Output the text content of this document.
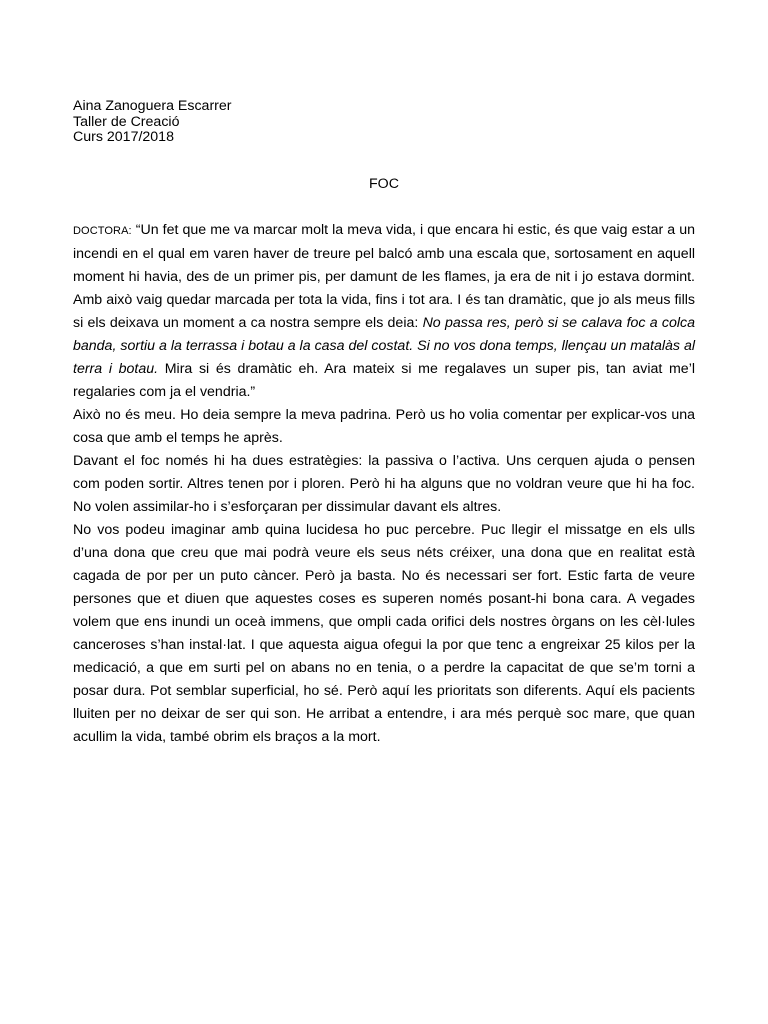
Aina Zanoguera Escarrer
Taller de Creació
Curs 2017/2018
FOC

DOCTORA: “Un fet que me va marcar molt la meva vida, i que encara hi estic, és que vaig estar a un incendi en el qual em varen haver de treure pel balcó amb una escala que, sortosament en aquell moment hi havia, des de un primer pis, per damunt de les flames, ja era de nit i jo estava dormint. Amb això vaig quedar marcada per tota la vida, fins i tot ara. I és tan dramàtic, que jo als meus fills si els deixava un moment a ca nostra sempre els deia: No passa res, però si se calava foc a colca banda, sortiu a la terrassa i botau a la casa del costat. Si no vos dona temps, llençau un matalàs al terra i botau. Mira si és dramàtic eh. Ara mateix si me regalaves un super pis, tan aviat me’l regalaries com ja el vendria.”

Això no és meu. Ho deia sempre la meva padrina. Però us ho volia comentar per explicar-vos una cosa que amb el temps he après.

Davant el foc només hi ha dues estratègies: la passiva o l’activa. Uns cerquen ajuda o pensen com poden sortir. Altres tenen por i ploren. Però hi ha alguns que no voldran veure que hi ha foc. No volen assimilar-ho i s’esforçaran per dissimular davant els altres.

No vos podeu imaginar amb quina lucidesa ho puc percebre. Puc llegir el missatge en els ulls d’una dona que creu que mai podrà veure els seus néts créixer, una dona que en realitat està cagada de por per un puto càncer. Però ja basta. No és necessari ser fort. Estic farta de veure persones que et diuen que aquestes coses es superen només posant-hi bona cara. A vegades volem que ens inundi un oceà immens, que ompli cada orifici dels nostres òrgans on les cèl·lules canceroses s’han instal·lat. I que aquesta aigua ofegui la por que tenc a engreixar 25 kilos per la medicació, a que em surti pel on abans no en tenia, o a perdre la capacitat de que se’m torni a posar dura. Pot semblar superficial, ho sé. Però aquí les prioritats son diferents. Aquí els pacients lluiten per no deixar de ser qui son. He arribat a entendre, i ara més perquè soc mare, que quan acullim la vida, també obrim els braços a la mort.
